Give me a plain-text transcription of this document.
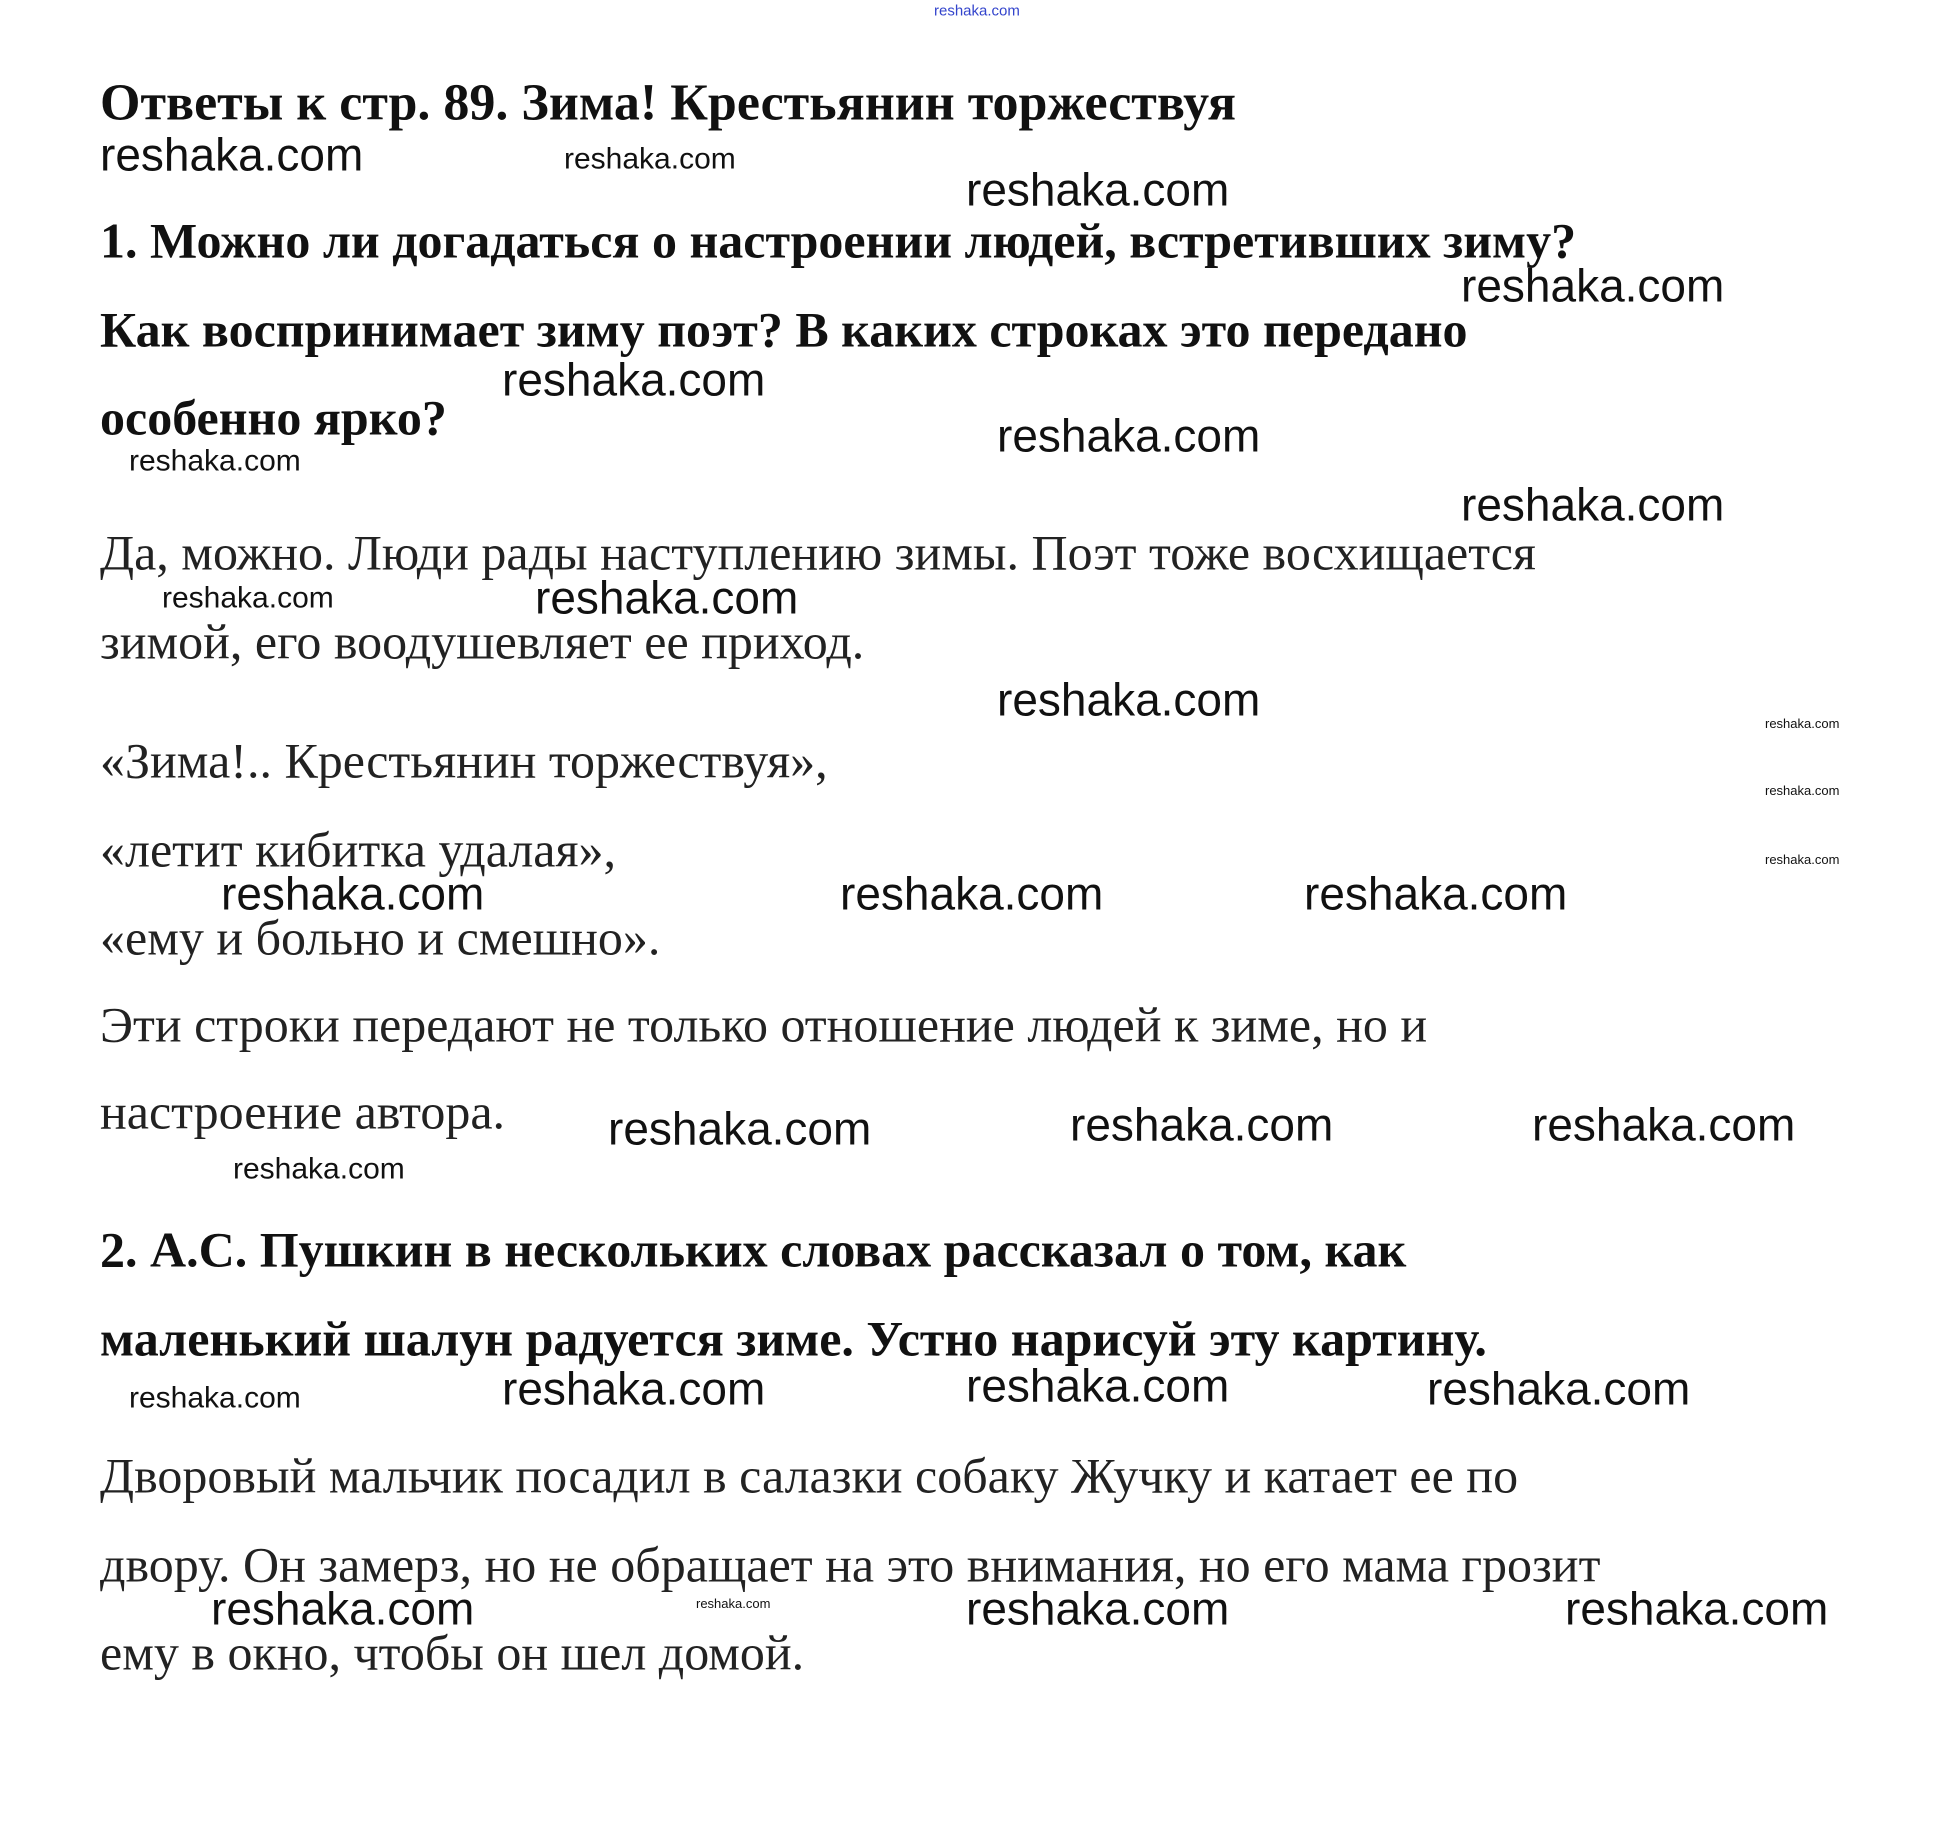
reshaka.com
Ответы к стр. 89. Зима! Крестьянин торжествуя
1. Можно ли догадаться о настроении людей, встретивших зиму?
Как воспринимает зиму поэт? В каких строках это передано
особенно ярко?
Да, можно. Люди рады наступлению зимы. Поэт тоже восхищается
зимой, его воодушевляет ее приход.
«Зима!.. Крестьянин торжествуя»,
«летит кибитка удалая»,
«ему и больно и смешно».
Эти строки передают не только отношение людей к зиме, но и
настроение автора.
2. А.С. Пушкин в нескольких словах рассказал о том, как
маленький шалун радуется зиме. Устно нарисуй эту картину.
Дворовый мальчик посадил в салазки собаку Жучку и катает ее по
двору. Он замерз, но не обращает на это внимания, но его мама грозит
ему в окно, чтобы он шел домой.
reshaka.com	reshaka.com
reshaka.com
reshaka.com
reshaka.com
reshaka.com
reshaka.com
reshaka.com
reshaka.com	reshaka.com
reshaka.com	reshaka.com
reshaka.com
reshaka.com
reshaka.com	reshaka.com	reshaka.com
reshaka.com	reshaka.com	reshaka.com
reshaka.com
reshaka.com	reshaka.com	reshaka.com	reshaka.com
reshaka.com	reshaka.com	reshaka.com	reshaka.com
